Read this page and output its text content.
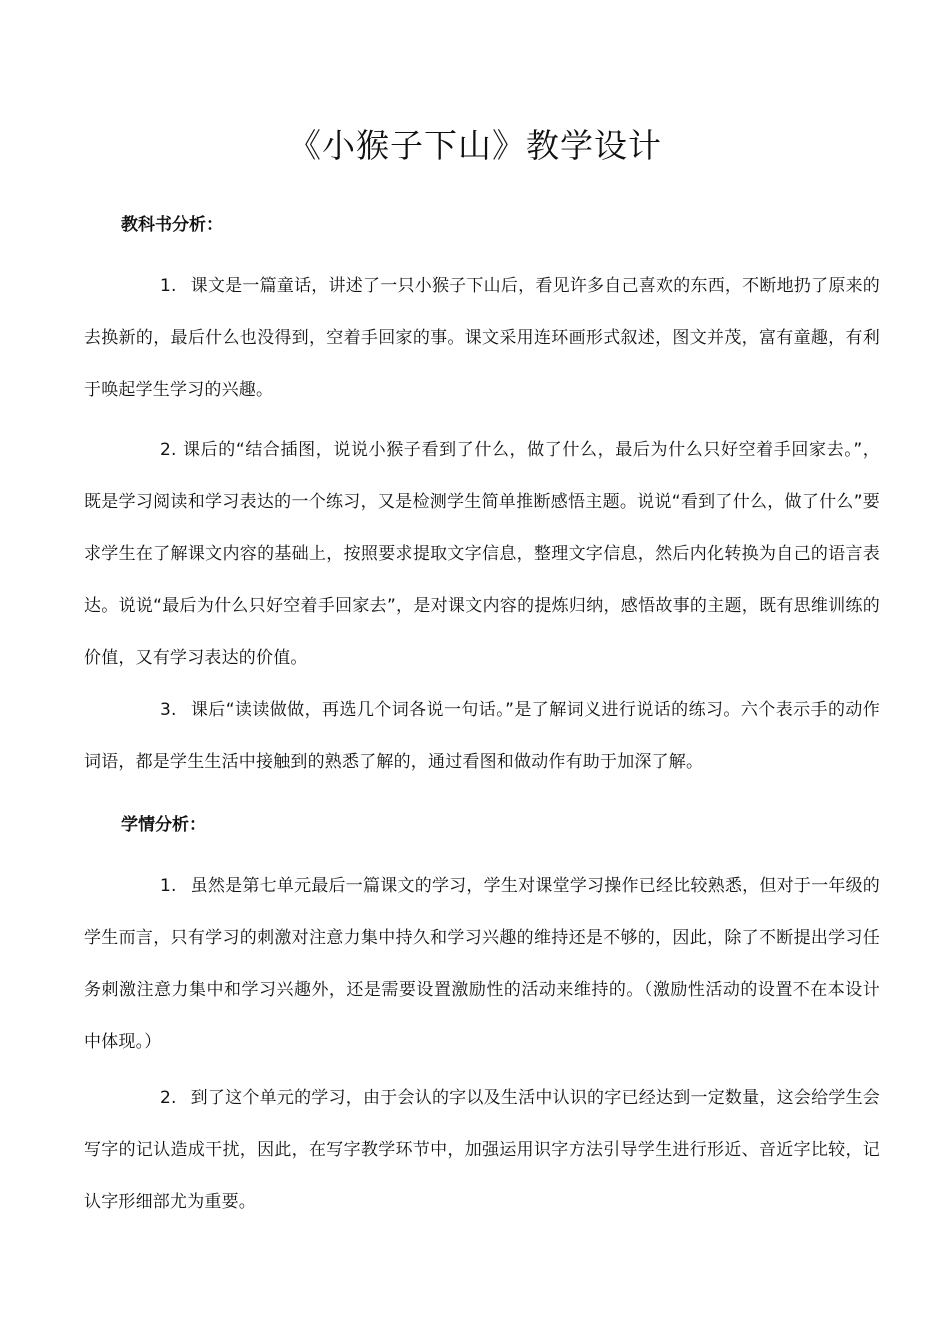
《小猴子下山》教学设计
教科书分析：

1. 课文是一篇童话，讲述了一只小猴子下山后，看见许多自己喜欢的东西，不断地扔了原来的去换新的，最后什么也没得到，空着手回家的事。课文采用连环画形式叙述，图文并茂，富有童趣，有利于唤起学生学习的兴趣。

2. 课后的“结合插图，说说小猴子看到了什么，做了什么，最后为什么只好空着手回家去。”，既是学习阅读和学习表达的一个练习，又是检测学生简单推断感悟主题。说说“看到了什么，做了什么”要求学生在了解课文内容的基础上，按照要求提取文字信息，整理文字信息，然后内化转换为自己的语言表达。说说“最后为什么只好空着手回家去”，是对课文内容的提炼归纳，感悟故事的主题，既有思维训练的价值，又有学习表达的价值。

3. 课后“读读做做，再选几个词各说一句话。”是了解词义进行说话的练习。六个表示手的动作词语，都是学生生活中接触到的熟悉了解的，通过看图和做动作有助于加深了解。

学情分析：

1. 虽然是第七单元最后一篇课文的学习，学生对课堂学习操作已经比较熟悉，但对于一年级的学生而言，只有学习的刺激对注意力集中持久和学习兴趣的维持还是不够的，因此，除了不断提出学习任务刺激注意力集中和学习兴趣外，还是需要设置激励性的活动来维持的。（激励性活动的设置不在本设计中体现。）

2. 到了这个单元的学习，由于会认的字以及生活中认识的字已经达到一定数量，这会给学生会写字的记认造成干扰，因此，在写字教学环节中，加强运用识字方法引导学生进行形近、音近字比较，记认字形细部尤为重要。
